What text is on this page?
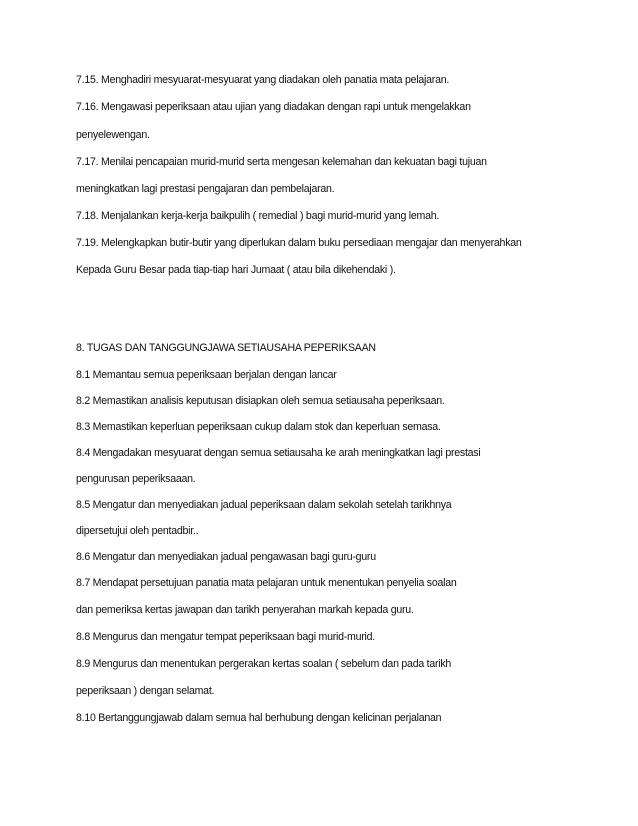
7.15. Menghadiri mesyuarat-mesyuarat yang diadakan oleh panatia mata pelajaran.
7.16. Mengawasi peperiksaan atau ujian yang diadakan dengan rapi untuk mengelakkan
penyelewengan.
7.17. Menilai pencapaian murid-murid serta mengesan kelemahan dan kekuatan bagi tujuan
meningkatkan lagi prestasi pengajaran dan pembelajaran.
7.18. Menjalankan kerja-kerja baikpulih ( remedial ) bagi murid-murid yang lemah.
7.19. Melengkapkan butir-butir yang diperlukan dalam buku persediaan mengajar dan menyerahkan
Kepada Guru Besar pada tiap-tiap hari Jumaat ( atau bila dikehendaki ).
8. TUGAS DAN TANGGUNGJAWA SETIAUSAHA PEPERIKSAAN
8.1 Memantau semua peperiksaan berjalan dengan lancar
8.2 Memastikan analisis keputusan disiapkan oleh semua setiausaha peperiksaan.
8.3 Memastikan keperluan peperiksaan cukup dalam stok dan keperluan semasa.
8.4 Mengadakan mesyuarat dengan semua setiausaha ke arah meningkatkan lagi prestasi
pengurusan peperiksaaan.
8.5 Mengatur dan menyediakan jadual peperiksaan dalam sekolah setelah tarikhnya
dipersetujui oleh pentadbir..
8.6 Mengatur dan menyediakan jadual pengawasan bagi guru-guru
8.7 Mendapat persetujuan panatia mata pelajaran untuk menentukan penyelia soalan
dan pemeriksa kertas jawapan dan tarikh penyerahan markah kepada guru.
8.8 Mengurus dan mengatur tempat peperiksaan bagi murid-murid.
8.9 Mengurus dan menentukan pergerakan kertas soalan ( sebelum dan pada tarikh
peperiksaan ) dengan selamat.
8.10 Bertanggungjawab dalam semua hal berhubung dengan kelicinan perjalanan
